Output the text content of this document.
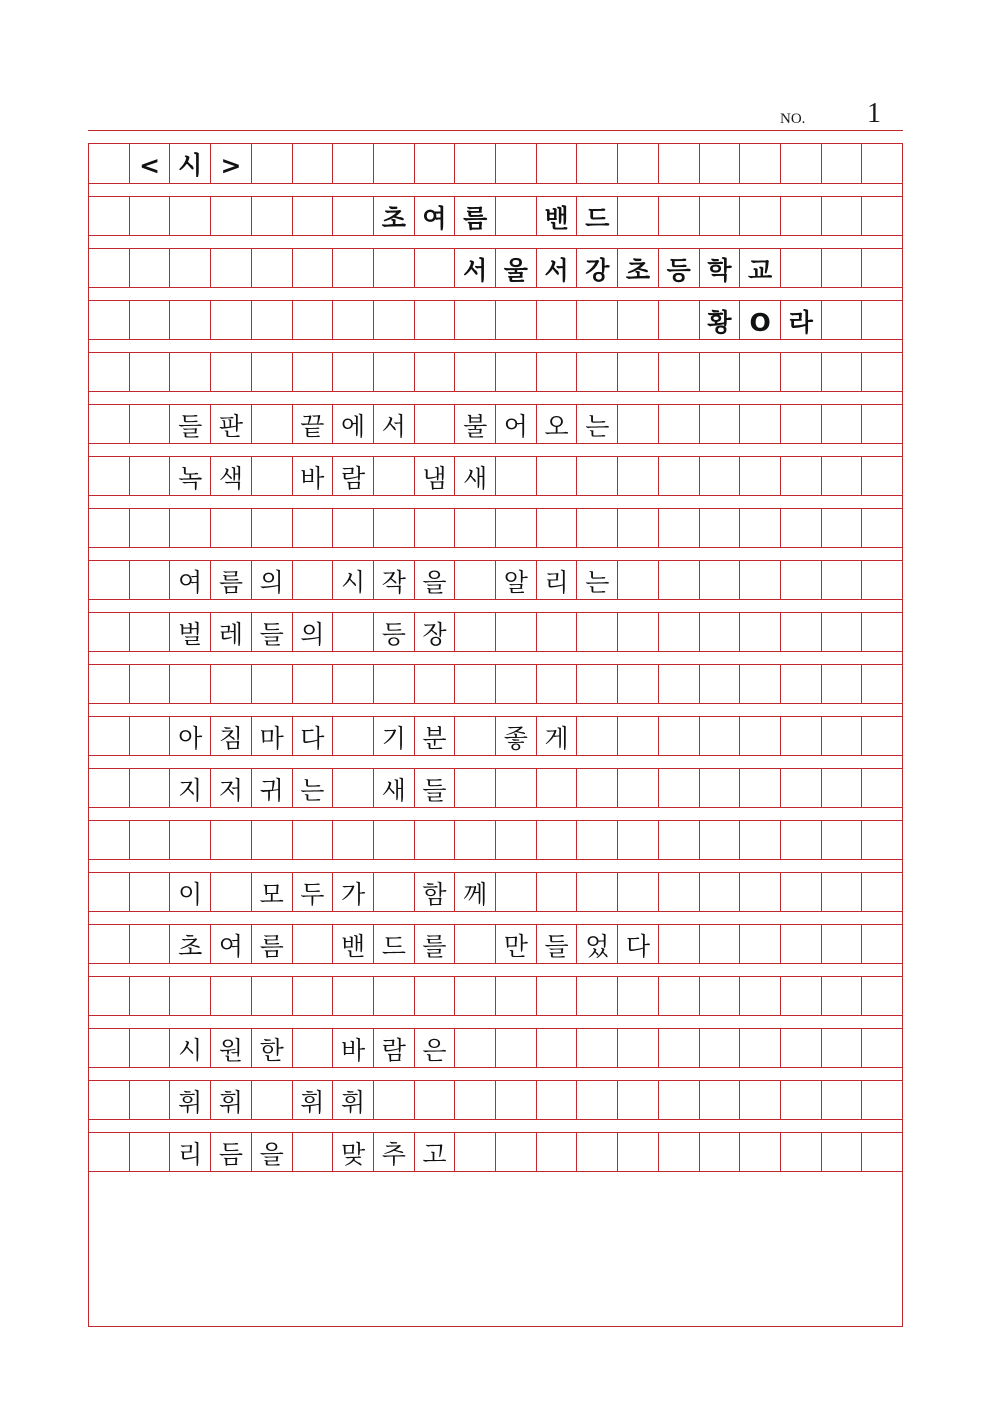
NO. 1
< 시 >
초 여 름	밴 드
서 울 서 강 초 등 학 교
황 O 라
들 판	끝 에 서	불 어 오 는
녹 색	바 람	냄 새
여 름 의	시 작 을	알 리 는
벌 레 들 의	등 장
아 침 마 다	기 분	좋 게
지 저 귀 는	새 들
이	모 두 가	함 께
초 여 름	밴 드 를	만 들 었 다
시 원 한	바 람 은
휘 휘	휘 휘
리 듬 을	맞 추 고
